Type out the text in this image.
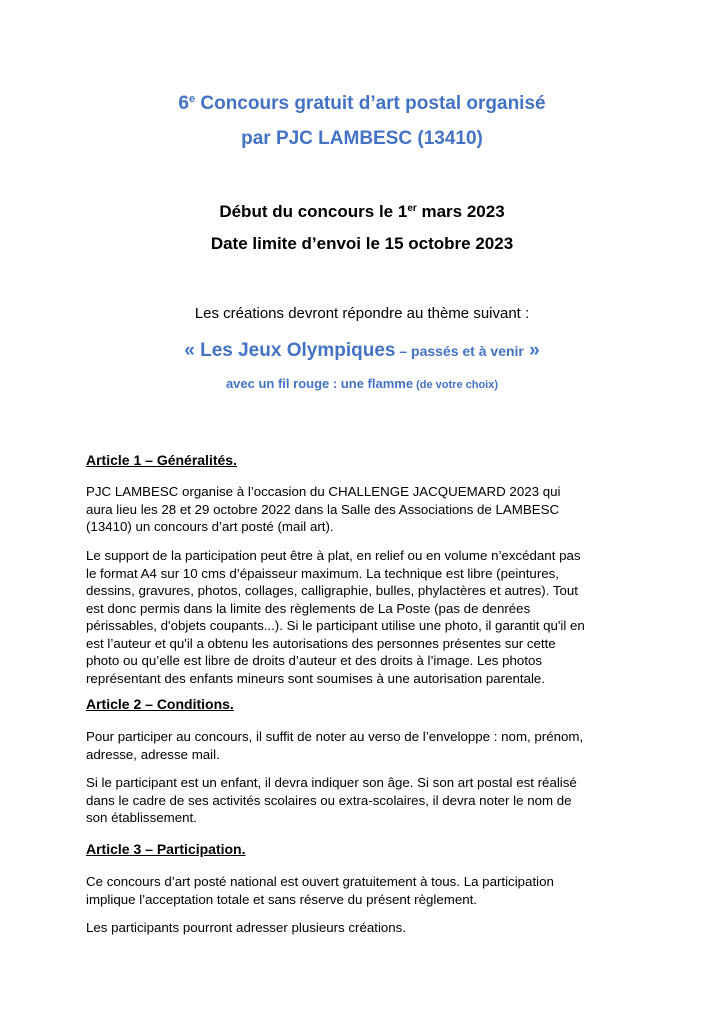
6e Concours gratuit d’art postal organisé
par PJC LAMBESC (13410)
Début du concours le 1er mars 2023
Date limite d’envoi le 15 octobre 2023
Les créations devront répondre au thème suivant :
« Les Jeux Olympiques – passés et à venir »
avec un fil rouge : une flamme (de votre choix)
Article 1 – Généralités.
PJC LAMBESC organise à l’occasion du CHALLENGE JACQUEMARD 2023 qui
aura lieu les 28 et 29 octobre 2022 dans la Salle des Associations de LAMBESC
(13410) un concours d’art posté (mail art).
Le support de la participation peut être à plat, en relief ou en volume n’excédant pas
le format A4 sur 10 cms d’épaisseur maximum. La technique est libre (peintures,
dessins, gravures, photos, collages, calligraphie, bulles, phylactères et autres). Tout
est donc permis dans la limite des règlements de La Poste (pas de denrées
périssables, d'objets coupants...). Si le participant utilise une photo, il garantit qu'il en
est l’auteur et qu'il a obtenu les autorisations des personnes présentes sur cette
photo ou qu’elle est libre de droits d’auteur et des droits à l’image. Les photos
représentant des enfants mineurs sont soumises à une autorisation parentale.
Article 2 – Conditions.
Pour participer au concours, il suffit de noter au verso de l’enveloppe : nom, prénom,
adresse, adresse mail.
Si le participant est un enfant, il devra indiquer son âge. Si son art postal est réalisé
dans le cadre de ses activités scolaires ou extra-scolaires, il devra noter le nom de
son établissement.
Article 3 – Participation.
Ce concours d’art posté national est ouvert gratuitement à tous. La participation
implique l’acceptation totale et sans réserve du présent règlement.
Les participants pourront adresser plusieurs créations.
